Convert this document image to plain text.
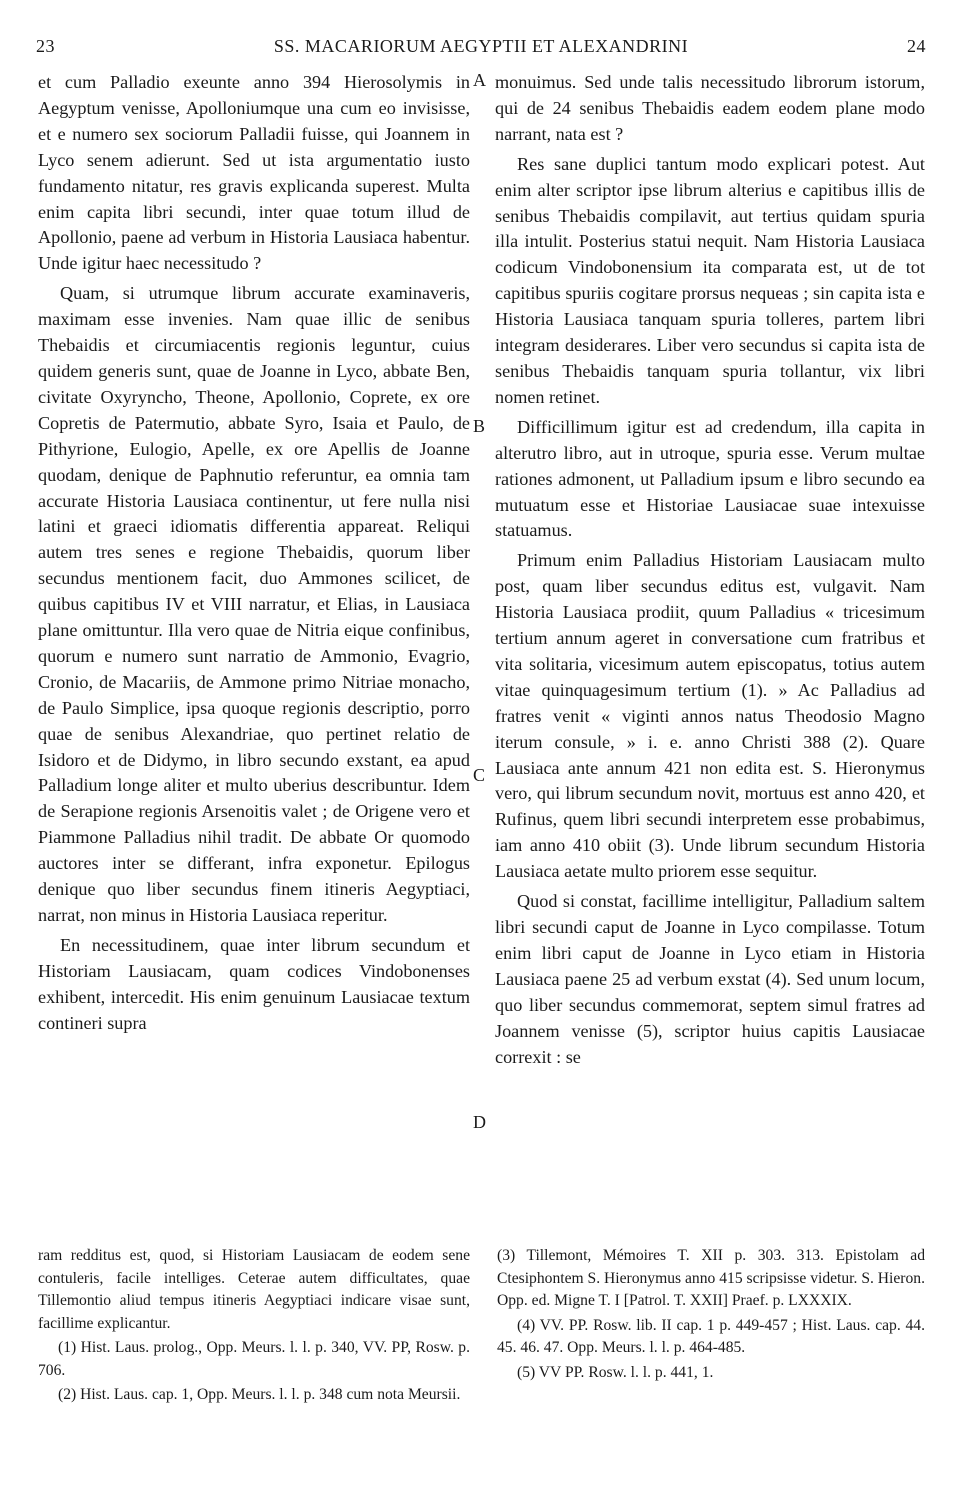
23	SS. MACARIORUM AEGYPTII ET ALEXANDRINI	24

et cum Palladio exeunte anno 394 Hierosolymis in Aegyptum venisse, Apolloniumque una cum eo invisisse, et e numero sex sociorum Palladii fuisse, qui Joannem in Lyco senem adierunt. Sed ut ista argumentatio iusto fundamento nitatur, res gravis explicanda superest. Multa enim capita libri secundi, inter quae totum illud de Apollonio, paene ad verbum in Historia Lausiaca habentur. Unde igitur haec necessitudo ?

Quam, si utrumque librum accurate examinaveris, maximam esse invenies. Nam quae illic de senibus Thebaidis et circumiacentis regionis leguntur, cuius quidem generis sunt, quae de Joanne in Lyco, abbate Ben, civitate Oxyryncho, Theone, Apollonio, Coprete, ex ore Copretis de Patermutio, abbate Syro, Isaia et Paulo, de Pithyrione, Eulogio, Apelle, ex ore Apellis de Joanne quodam, denique de Paphnutio referuntur, ea omnia tam accurate Historia Lausiaca continentur, ut fere nulla nisi latini et graeci idiomatis differentia appareat. Reliqui autem tres senes e regione Thebaidis, quorum liber secundus mentionem facit, duo Ammones scilicet, de quibus capitibus IV et VIII narratur, et Elias, in Lausiaca plane omittuntur. Illa vero quae de Nitria eique confinibus, quorum e numero sunt narratio de Ammonio, Evagrio, Cronio, de Macariis, de Ammone primo Nitriae monacho, de Paulo Simplice, ipsa quoque regionis descriptio, porro quae de senibus Alexandriae, quo pertinet relatio de Isidoro et de Didymo, in libro secundo exstant, ea apud Palladium longe aliter et multo uberius describuntur. Idem de Serapione regionis Arsenoitis valet ; de Origene vero et Piammone Palladius nihil tradit. De abbate Or quomodo auctores inter se differant, infra exponetur. Epilogus denique quo liber secundus finem itineris Aegyptiaci, narrat, non minus in Historia Lausiaca reperitur.

En necessitudinem, quae inter librum secundum et Historiam Lausiacam, quam codices Vindobonenses exhibent, intercedit. His enim genuinum Lausiacae textum contineri supra

A
B
C
D

monuimus. Sed unde talis necessitudo librorum istorum, qui de 24 senibus Thebaidis eadem eodem plane modo narrant, nata est ?

Res sane duplici tantum modo explicari potest. Aut enim alter scriptor ipse librum alterius e capitibus illis de senibus Thebaidis compilavit, aut tertius quidam spuria illa intulit. Posterius statui nequit. Nam Historia Lausiaca codicum Vindobonensium ita comparata est, ut de tot capitibus spuriis cogitare prorsus nequeas ; sin capita ista e Historia Lausiaca tanquam spuria tolleres, partem libri integram desiderares. Liber vero secundus si capita ista de senibus Thebaidis tanquam spuria tollantur, vix libri nomen retinet.

Difficillimum igitur est ad credendum, illa capita in alterutro libro, aut in utroque, spuria esse. Verum multae rationes admonent, ut Palladium ipsum e libro secundo ea mutuatum esse et Historiae Lausiacae suae intexuisse statuamus.

Primum enim Palladius Historiam Lausiacam multo post, quam liber secundus editus est, vulgavit. Nam Historia Lausiaca prodiit, quum Palladius « tricesimum tertium annum ageret in conversatione cum fratribus et vita solitaria, vicesimum autem episcopatus, totius autem vitae quinquagesimum tertium (1). » Ac Palladius ad fratres venit « viginti annos natus Theodosio Magno iterum consule, » i. e. anno Christi 388 (2). Quare Lausiaca ante annum 421 non edita est. S. Hieronymus vero, qui librum secundum novit, mortuus est anno 420, et Rufinus, quem libri secundi interpretem esse probabimus, iam anno 410 obiit (3). Unde librum secundum Historia Lausiaca aetate multo priorem esse sequitur.

Quod si constat, facillime intelligitur, Palladium saltem libri secundi caput de Joanne in Lyco compilasse. Totum enim libri caput de Joanne in Lyco etiam in Historia Lausiaca paene 25 ad verbum exstat (4). Sed unum locum, quo liber secundus commemorat, septem simul fratres ad Joannem venisse (5), scriptor huius capitis Lausiacae correxit : se

ram redditus est, quod, si Historiam Lausiacam de eodem sene contuleris, facile intelliges. Ceterae autem difficultates, quae Tillemontio aliud tempus itineris Aegyptiaci indicare visae sunt, facillime explicantur.

(1) Hist. Laus. prolog., Opp. Meurs. l. l. p. 340, VV. PP, Rosw. p. 706.

(2) Hist. Laus. cap. 1, Opp. Meurs. l. l. p. 348 cum nota Meursii.

(3) Tillemont, Mémoires T. XII p. 303. 313. Epistolam ad Ctesiphontem S. Hieronymus anno 415 scripsisse videtur. S. Hieron. Opp. ed. Migne T. I [Patrol. T. XXII] Praef. p. LXXXIX.

(4) VV. PP. Rosw. lib. II cap. 1 p. 449-457 ; Hist. Laus. cap. 44. 45. 46. 47. Opp. Meurs. l. l. p. 464-485.

(5) VV PP. Rosw. l. l. p. 441, 1.
